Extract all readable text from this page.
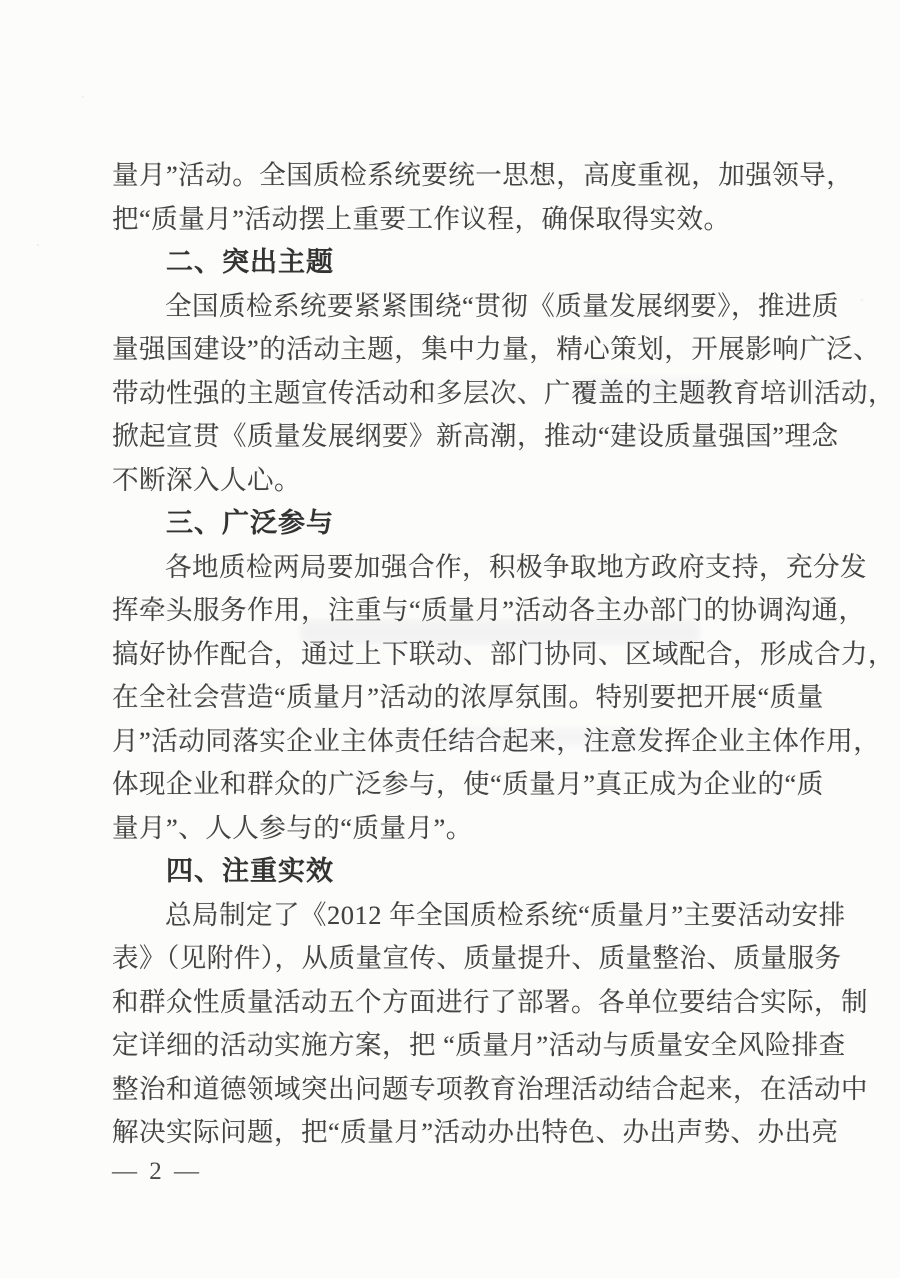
量月”活动。全国质检系统要统一思想，高度重视，加强领导，
把“质量月”活动摆上重要工作议程，确保取得实效。
二、突出主题
全国质检系统要紧紧围绕“贯彻《质量发展纲要》，推进质
量强国建设”的活动主题，集中力量，精心策划，开展影响广泛、
带动性强的主题宣传活动和多层次、广覆盖的主题教育培训活动，
掀起宣贯《质量发展纲要》新高潮，推动“建设质量强国”理念
不断深入人心。
三、广泛参与
各地质检两局要加强合作，积极争取地方政府支持，充分发
挥牵头服务作用，注重与“质量月”活动各主办部门的协调沟通，
搞好协作配合，通过上下联动、部门协同、区域配合，形成合力，
在全社会营造“质量月”活动的浓厚氛围。特别要把开展“质量
月”活动同落实企业主体责任结合起来，注意发挥企业主体作用，
体现企业和群众的广泛参与，使“质量月”真正成为企业的“质
量月”、人人参与的“质量月”。
四、注重实效
总局制定了《2012 年全国质检系统“质量月”主要活动安排
表》（见附件），从质量宣传、质量提升、质量整治、质量服务
和群众性质量活动五个方面进行了部署。各单位要结合实际，制
定详细的活动实施方案，把 “质量月”活动与质量安全风险排查
整治和道德领域突出问题专项教育治理活动结合起来，在活动中
解决实际问题，把“质量月”活动办出特色、办出声势、办出亮
— 2 —
